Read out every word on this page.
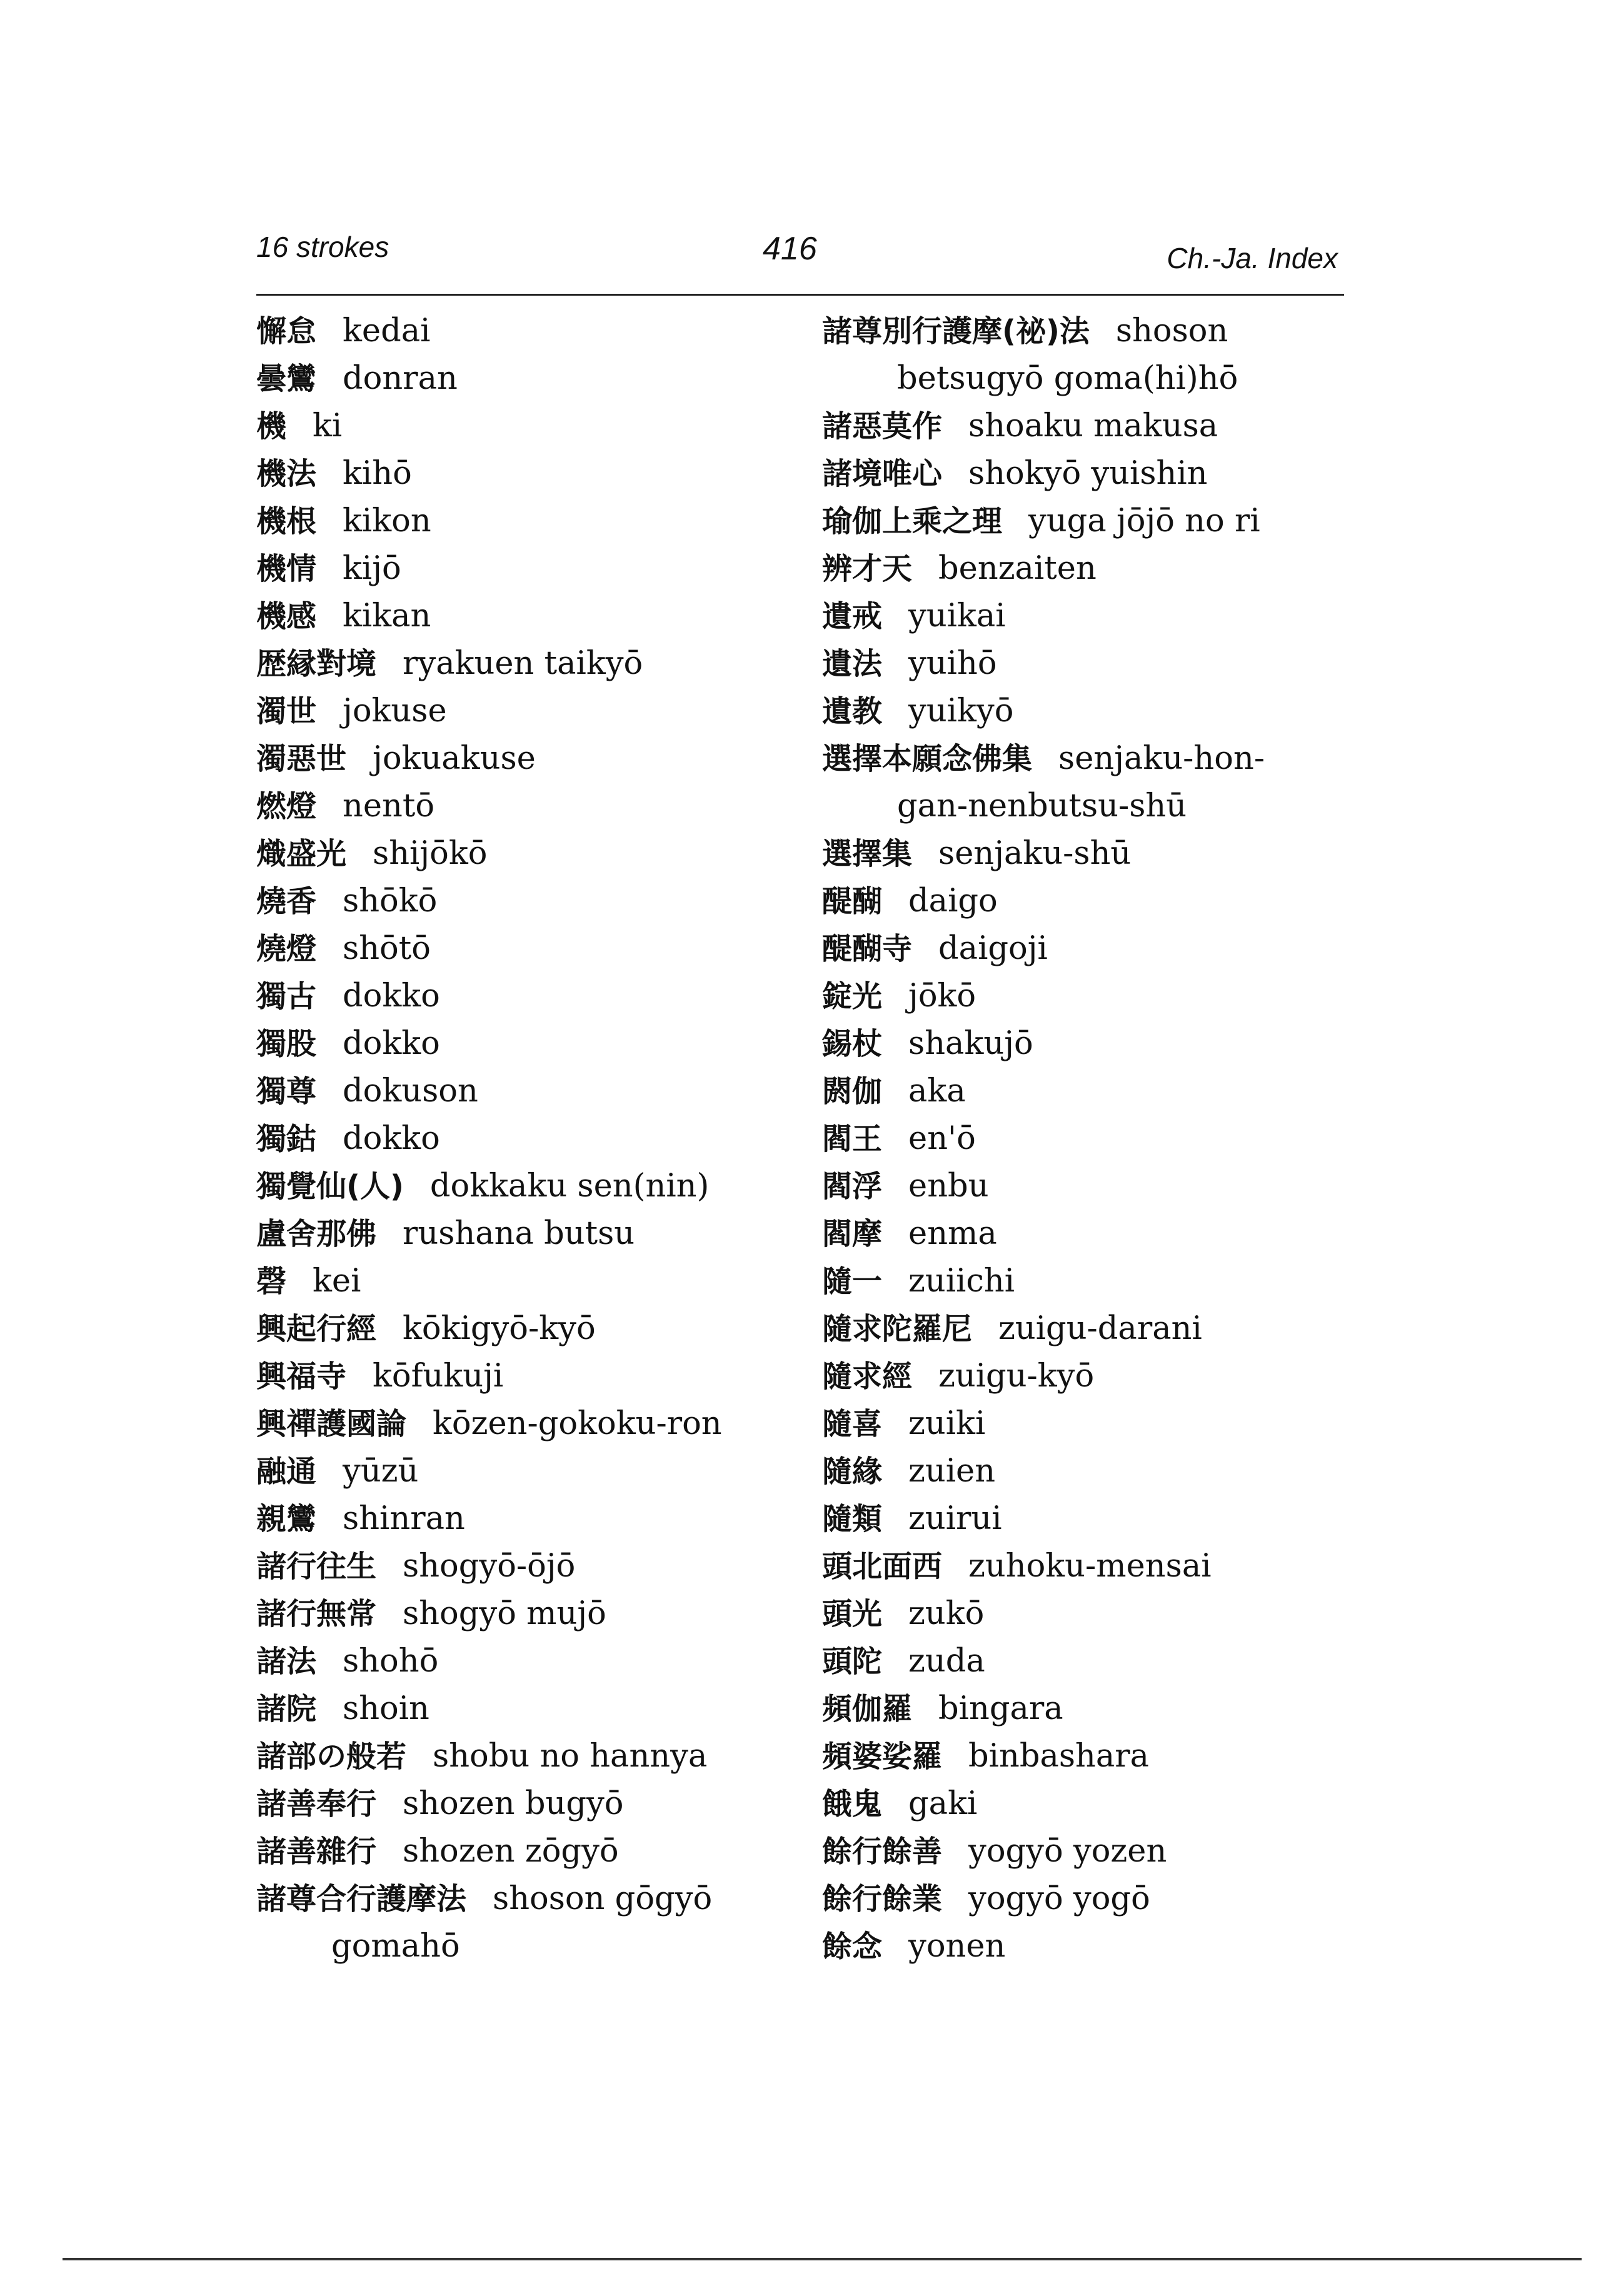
16 strokes	416	Ch.-Ja. Index
懈怠 kedai
曇鸞 donran
機 ki
機法 kihō
機根 kikon
機情 kijō
機感 kikan
歴縁對境 ryakuen taikyō
濁世 jokuse
濁惡世 jokuakuse
燃燈 nentō
熾盛光 shijōkō
燒香 shōkō
燒燈 shōtō
獨古 dokko
獨股 dokko
獨尊 dokuson
獨鈷 dokko
獨覺仙(人) dokkaku sen(nin)
盧舍那佛 rushana butsu
磬 kei
興起行經 kōkigyō-kyō
興福寺 kōfukuji
興禪護國論 kōzen-gokoku-ron
融通 yūzū
親鸞 shinran
諸行往生 shogyō-ōjō
諸行無常 shogyō mujō
諸法 shohō
諸院 shoin
諸部の般若 shobu no hannya
諸善奉行 shozen bugyō
諸善雜行 shozen zōgyō
諸尊合行護摩法 shoson gōgyō
gomahō
諸尊別行護摩(祕)法 shoson
betsugyō goma(hi)hō
諸惡莫作 shoaku makusa
諸境唯心 shokyō yuishin
瑜伽上乘之理 yuga jōjō no ri
辨才天 benzaiten
遺戒 yuikai
遺法 yuihō
遺教 yuikyō
選擇本願念佛集 senjaku-hon-
gan-nenbutsu-shū
選擇集 senjaku-shū
醍醐 daigo
醍醐寺 daigoji
錠光 jōkō
錫杖 shakujō
閼伽 aka
閻王 en'ō
閻浮 enbu
閻摩 enma
隨一 zuiichi
隨求陀羅尼 zuigu-darani
隨求經 zuigu-kyō
隨喜 zuiki
隨緣 zuien
隨類 zuirui
頭北面西 zuhoku-mensai
頭光 zukō
頭陀 zuda
頻伽羅 bingara
頻婆娑羅 binbashara
餓鬼 gaki
餘行餘善 yogyō yozen
餘行餘業 yogyō yogō
餘念 yonen
